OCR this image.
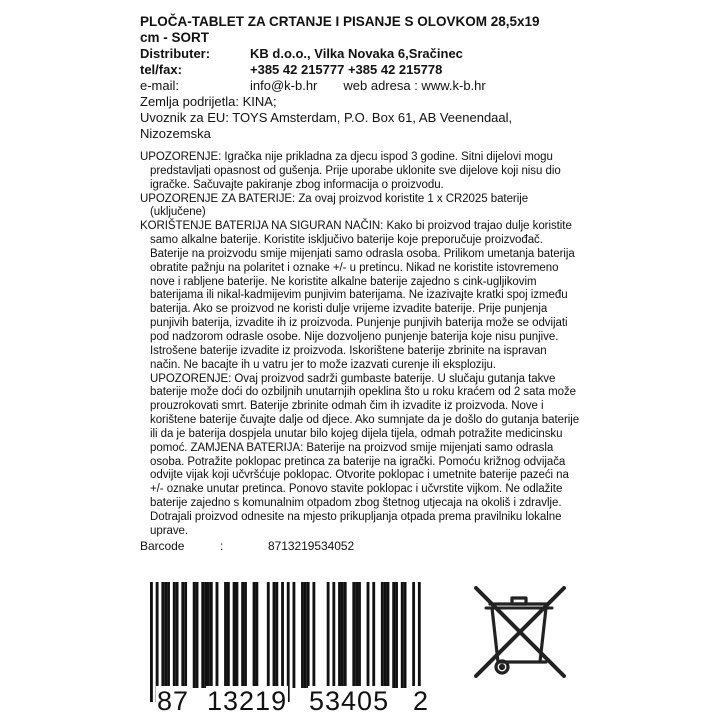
PLOČA-TABLET ZA CRTANJE I PISANJE S OLOVKOM 28,5x19
cm - SORT
Distributer:	KB d.o.o., Vilka Novaka 6,Sračinec
tel/fax:	+385 42 215777 +385 42 215778
e-mail:	info@k-b.hr web adresa : www.k-b.hr
Zemlja podrijetla: KINA;
Uvoznik za EU: TOYS Amsterdam, P.O. Box 61, AB Veenendaal,
Nizozemska
UPOZORENJE: Igračka nije prikladna za djecu ispod 3 godine. Sitni dijelovi mogu predstavljati opasnost od gušenja. Prije uporabe uklonite sve dijelove koji nisu dio igračke. Sačuvajte pakiranje zbog informacija o proizvodu.
UPOZORENJE ZA BATERIJE: Za ovaj proizvod koristite 1 x CR2025 baterije (uključene)
KORIŠTENJE BATERIJA NA SIGURAN NAČIN: Kako bi proizvod trajao dulje koristite samo alkalne baterije. Koristite isključivo baterije koje preporučuje proizvođač. Baterije na proizvodu smije mijenjati samo odrasla osoba. Prilikom umetanja baterija obratite pažnju na polaritet i oznake +/- u pretincu. Nikad ne koristite istovremeno nove i rabljene baterije. Ne koristite alkalne baterije zajedno s cink-ugljikovim baterijama ili nikal-kadmijevim punjivim baterijama. Ne izazivajte kratki spoj između baterija. Ako se proizvod ne koristi dulje vrijeme izvadite baterije. Prije punjenja punjivih baterija, izvadite ih iz proizvoda. Punjenje punjivih baterija može se odvijati pod nadzorom odrasle osobe. Nije dozvoljeno punjenje baterija koje nisu punjive. Istrošene baterije izvadite iz proizvoda. Iskorištene baterije zbrinite na ispravan način. Ne bacajte ih u vatru jer to može izazvati curenje ili eksploziju. UPOZORENJE: Ovaj proizvod sadrži gumbaste baterije. U slučaju gutanja takve baterije može doći do ozbiljnih unutarnjih opeklina što u roku kraćem od 2 sata može prouzrokovati smrt. Baterije zbrinite odmah čim ih izvadite iz proizvoda. Nove i korištene baterije čuvajte dalje od djece. Ako sumnjate da je došlo do gutanja baterije ili da je baterija dospjela unutar bilo kojeg dijela tijela, odmah potražite medicinsku pomoć. ZAMJENA BATERIJA: Baterije na proizvod smije mijenjati samo odrasla osoba. Potražite poklopac pretinca za baterije na igrački. Pomoću križnog odvijača odvijte vijak koji učvršćuje poklopac. Otvorite poklopac i umetnite baterije pazeći na +/- oznake unutar pretinca. Ponovo stavite poklopac i učvrstite vijkom. Ne odlažite baterije zajedno s komunalnim otpadom zbog štetnog utjecaja na okoliš i zdravlje. Dotrajali proizvod odnesite na mjesto prikupljanja otpada prema pravilniku lokalne uprave.
Barcode	:	8713219534052
87 13219 53405 2
